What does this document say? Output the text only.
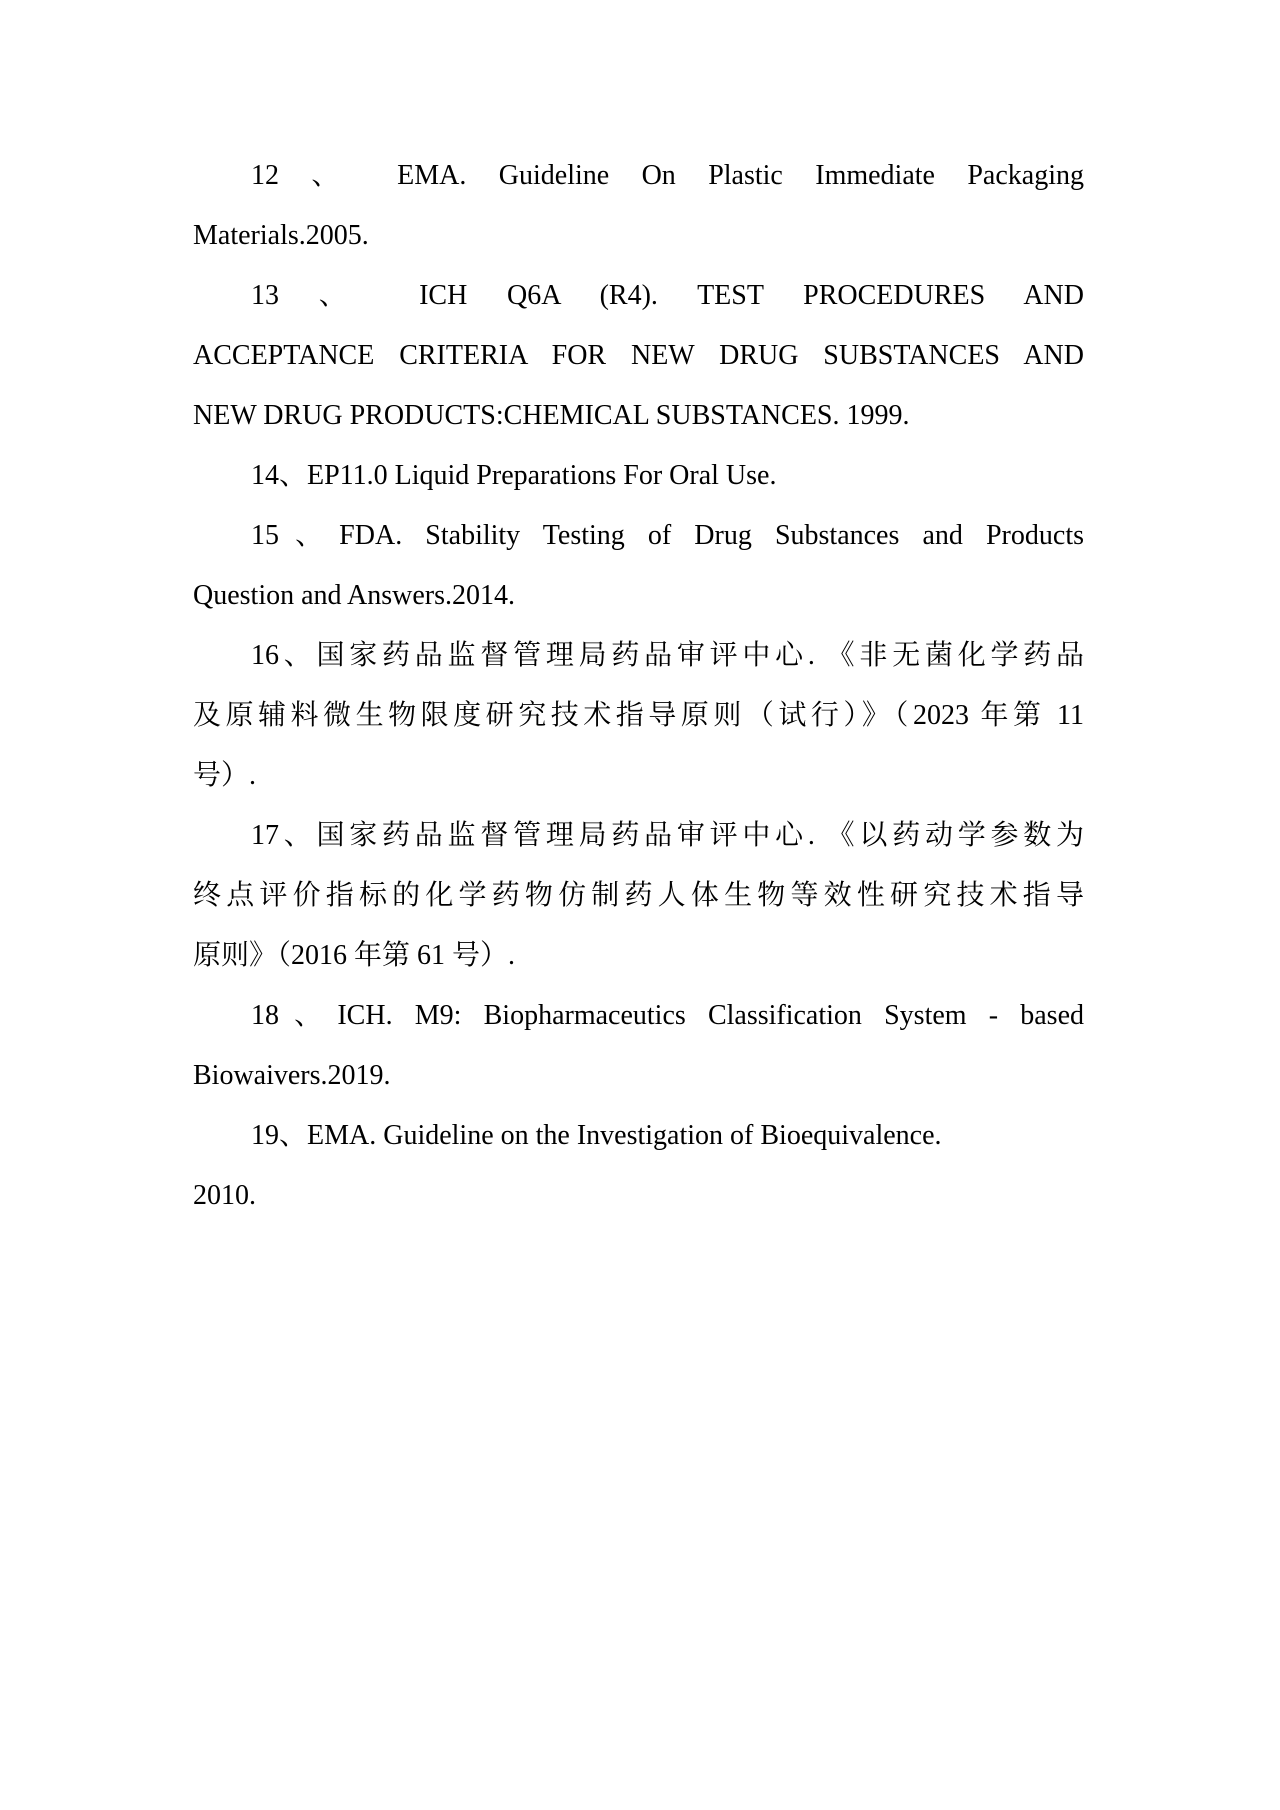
12 、 EMA. Guideline On Plastic Immediate Packaging
Materials.2005.
13 、 ICH Q6A (R4). TEST PROCEDURES AND
ACCEPTANCE CRITERIA FOR NEW DRUG SUBSTANCES AND
NEW DRUG PRODUCTS:CHEMICAL SUBSTANCES. 1999.
14、EP11.0 Liquid Preparations For Oral Use.
15、FDA. Stability Testing of Drug Substances and Products
Question and Answers.2014.
16、国家药品监督管理局药品审评中心. 《非无菌化学药品
及原辅料微生物限度研究技术指导原则（试行）》（2023 年第 11
号）.
17、国家药品监督管理局药品审评中心. 《以药动学参数为
终点评价指标的化学药物仿制药人体生物等效性研究技术指导
原则》（2016 年第 61 号）.
18、ICH. M9: Biopharmaceutics Classification System - based
Biowaivers.2019.
19、EMA. Guideline on the Investigation of Bioequivalence.
2010.
